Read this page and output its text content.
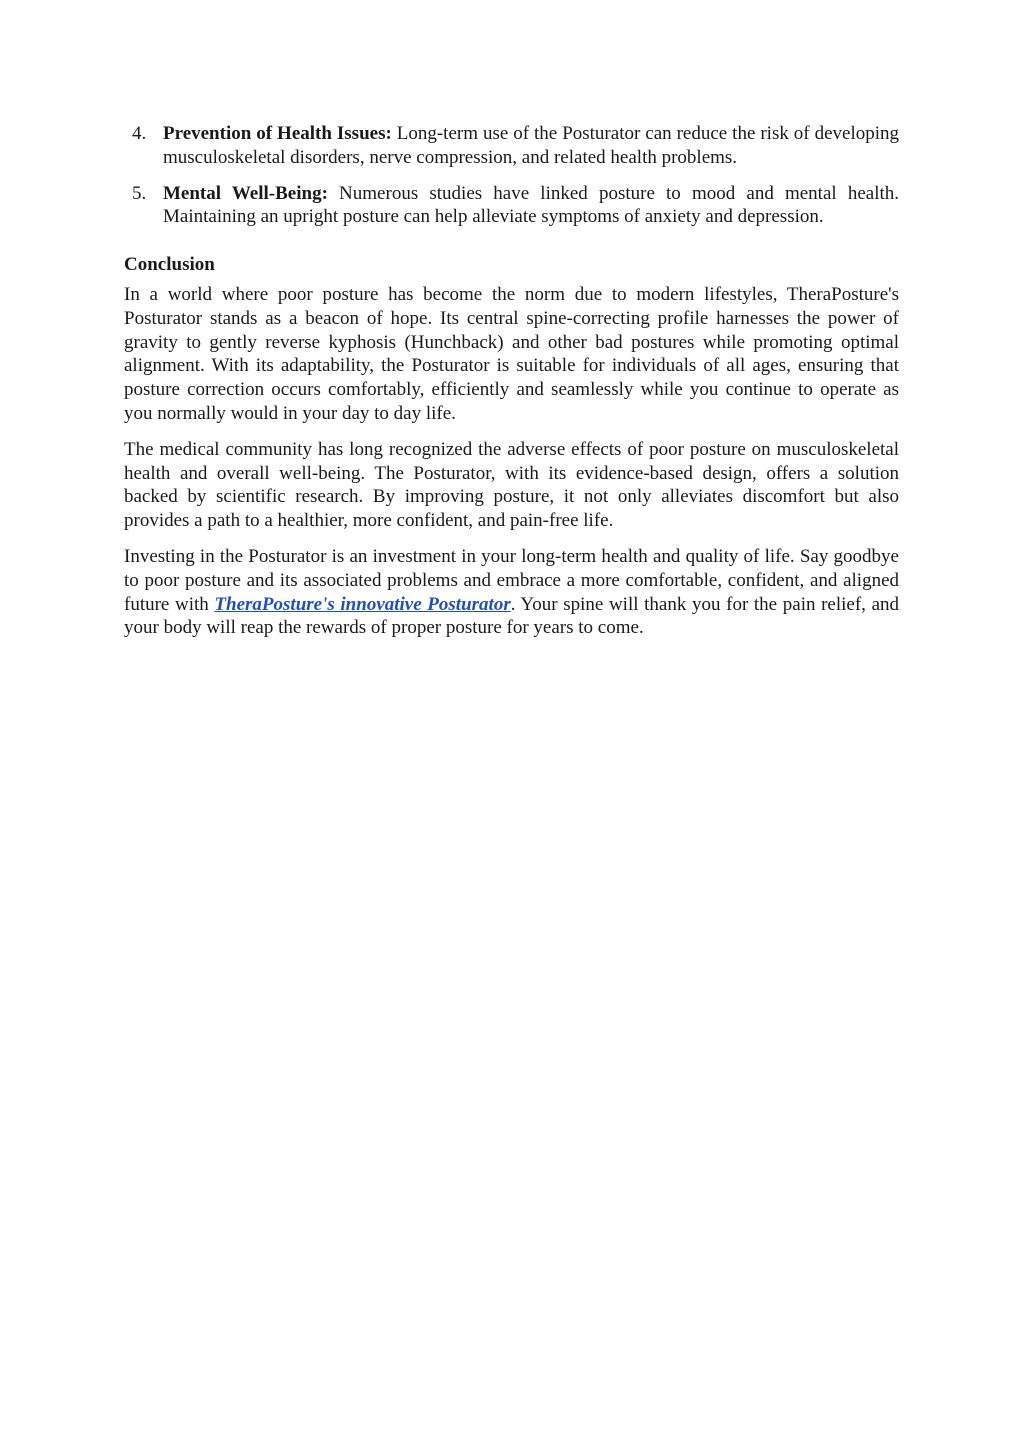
4. Prevention of Health Issues: Long-term use of the Posturator can reduce the risk of developing musculoskeletal disorders, nerve compression, and related health problems.
5. Mental Well-Being: Numerous studies have linked posture to mood and mental health. Maintaining an upright posture can help alleviate symptoms of anxiety and depression.
Conclusion

In a world where poor posture has become the norm due to modern lifestyles, TheraPosture's Posturator stands as a beacon of hope. Its central spine-correcting profile harnesses the power of gravity to gently reverse kyphosis (Hunchback) and other bad postures while promoting optimal alignment. With its adaptability, the Posturator is suitable for individuals of all ages, ensuring that posture correction occurs comfortably, efficiently and seamlessly while you continue to operate as you normally would in your day to day life.

The medical community has long recognized the adverse effects of poor posture on musculoskeletal health and overall well-being. The Posturator, with its evidence-based design, offers a solution backed by scientific research. By improving posture, it not only alleviates discomfort but also provides a path to a healthier, more confident, and pain-free life.

Investing in the Posturator is an investment in your long-term health and quality of life. Say goodbye to poor posture and its associated problems and embrace a more comfortable, confident, and aligned future with TheraPosture's innovative Posturator. Your spine will thank you for the pain relief, and your body will reap the rewards of proper posture for years to come.
